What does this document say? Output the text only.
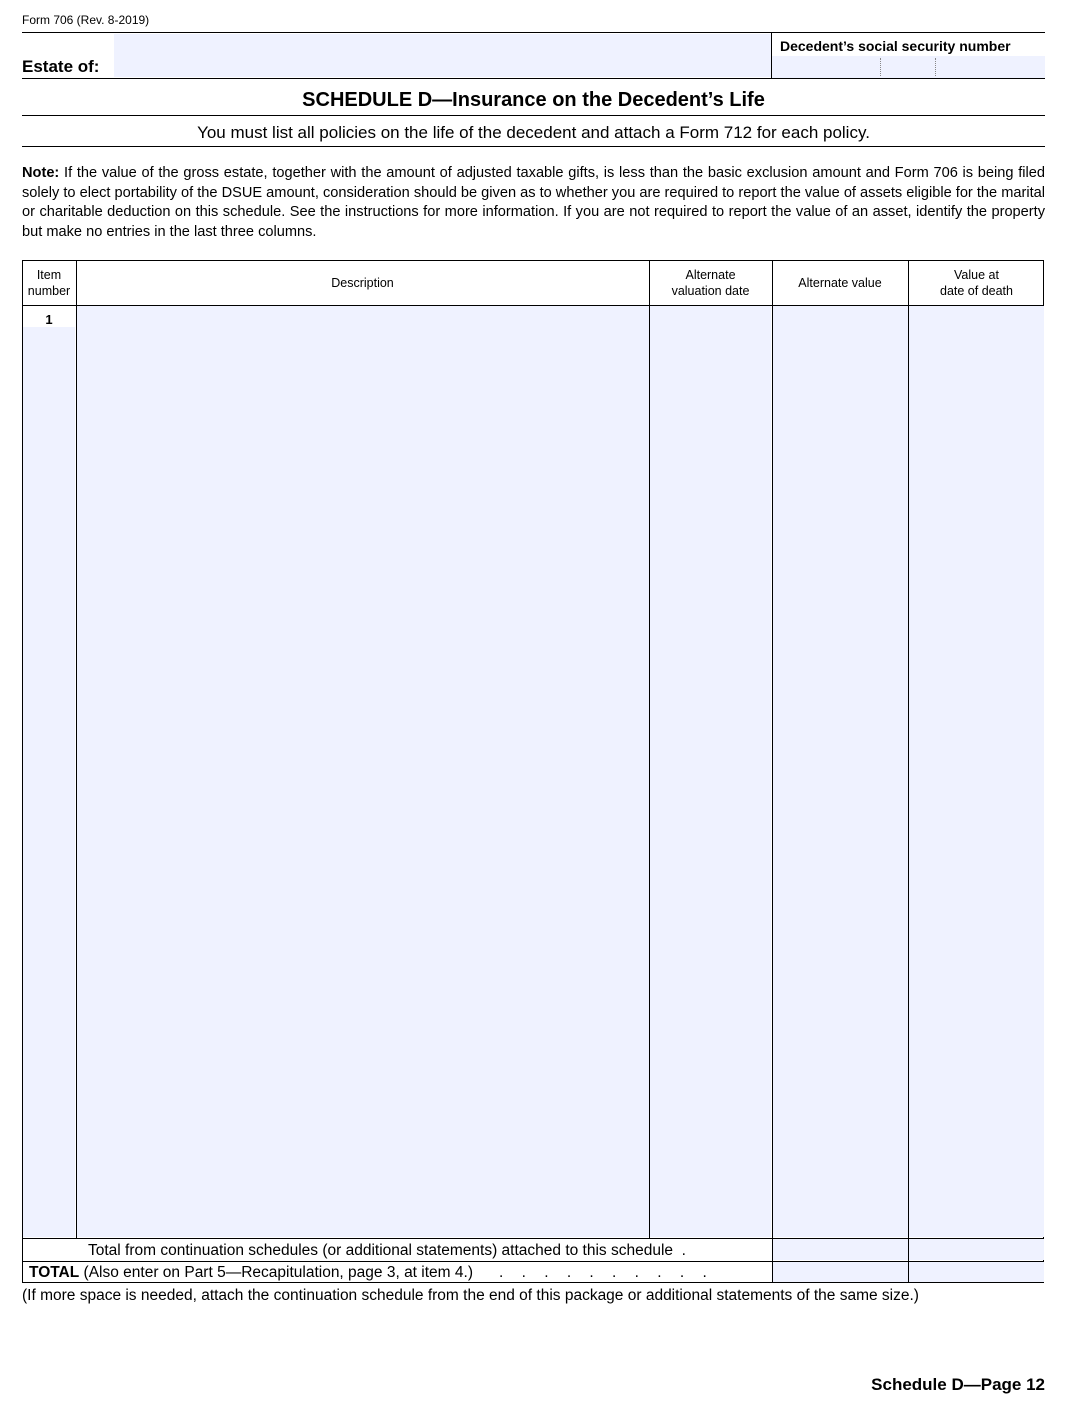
Form 706 (Rev. 8-2019)
Estate of:
Decedent’s social security number
SCHEDULE D—Insurance on the Decedent’s Life
You must list all policies on the life of the decedent and attach a Form 712 for each policy.
Note: If the value of the gross estate, together with the amount of adjusted taxable gifts, is less than the basic exclusion amount and Form 706 is being filed solely to elect portability of the DSUE amount, consideration should be given as to whether you are required to report the value of assets eligible for the marital or charitable deduction on this schedule. See the instructions for more information. If you are not required to report the value of an asset, identify the property but make no entries in the last three columns.
Item
number
Description
Alternate
valuation date
Alternate value
Value at
date of death
1
Total from continuation schedules (or additional statements) attached to this schedule .
TOTAL (Also enter on Part 5—Recapitulation, page 3, at item 4.) . . . . . . . . . .
(If more space is needed, attach the continuation schedule from the end of this package or additional statements of the same size.)
Schedule D—Page 12
